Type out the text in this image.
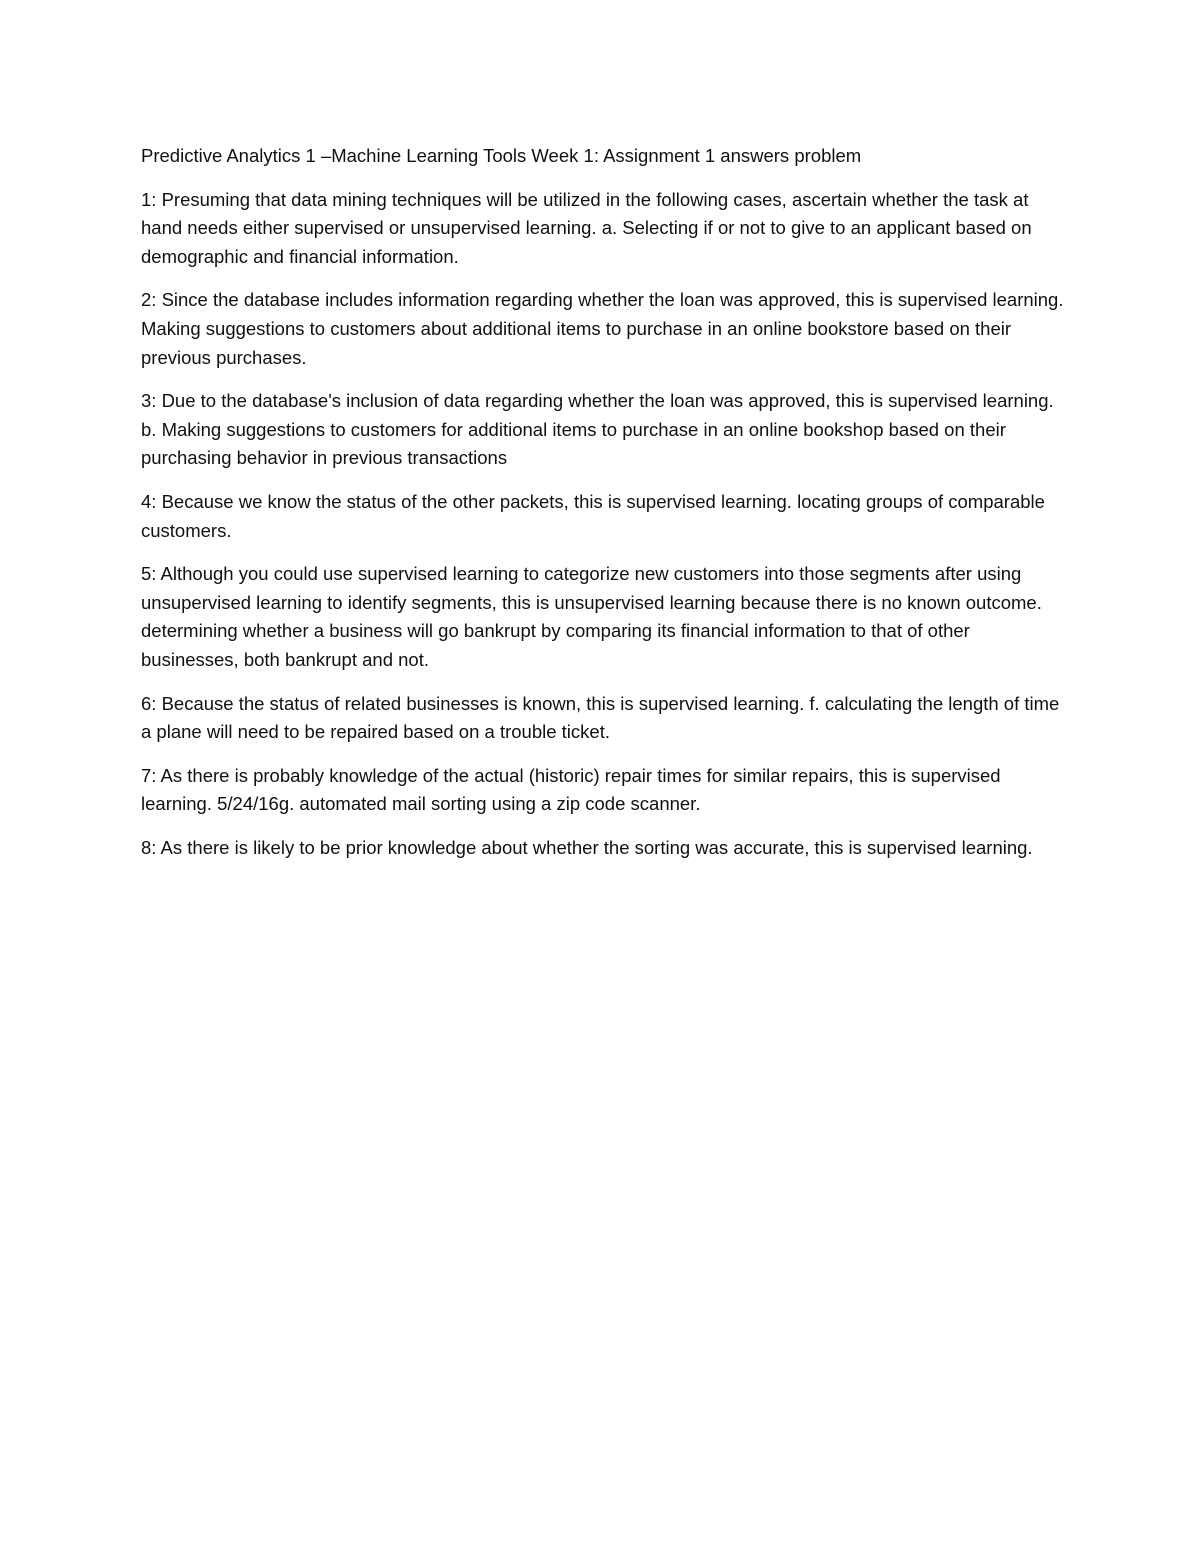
Predictive Analytics 1 –Machine Learning Tools Week 1: Assignment 1 answers problem

1: Presuming that data mining techniques will be utilized in the following cases, ascertain whether the task at hand needs either supervised or unsupervised learning. a. Selecting if or not to give to an applicant based on demographic and financial information.

2: Since the database includes information regarding whether the loan was approved, this is supervised learning. Making suggestions to customers about additional items to purchase in an online bookstore based on their previous purchases.

3: Due to the database's inclusion of data regarding whether the loan was approved, this is supervised learning. b. Making suggestions to customers for additional items to purchase in an online bookshop based on their purchasing behavior in previous transactions

4: Because we know the status of the other packets, this is supervised learning. locating groups of comparable customers.

5: Although you could use supervised learning to categorize new customers into those segments after using unsupervised learning to identify segments, this is unsupervised learning because there is no known outcome. determining whether a business will go bankrupt by comparing its financial information to that of other businesses, both bankrupt and not.

6: Because the status of related businesses is known, this is supervised learning. f. calculating the length of time a plane will need to be repaired based on a trouble ticket.

7: As there is probably knowledge of the actual (historic) repair times for similar repairs, this is supervised learning. 5/24/16g. automated mail sorting using a zip code scanner.

8: As there is likely to be prior knowledge about whether the sorting was accurate, this is supervised learning.
